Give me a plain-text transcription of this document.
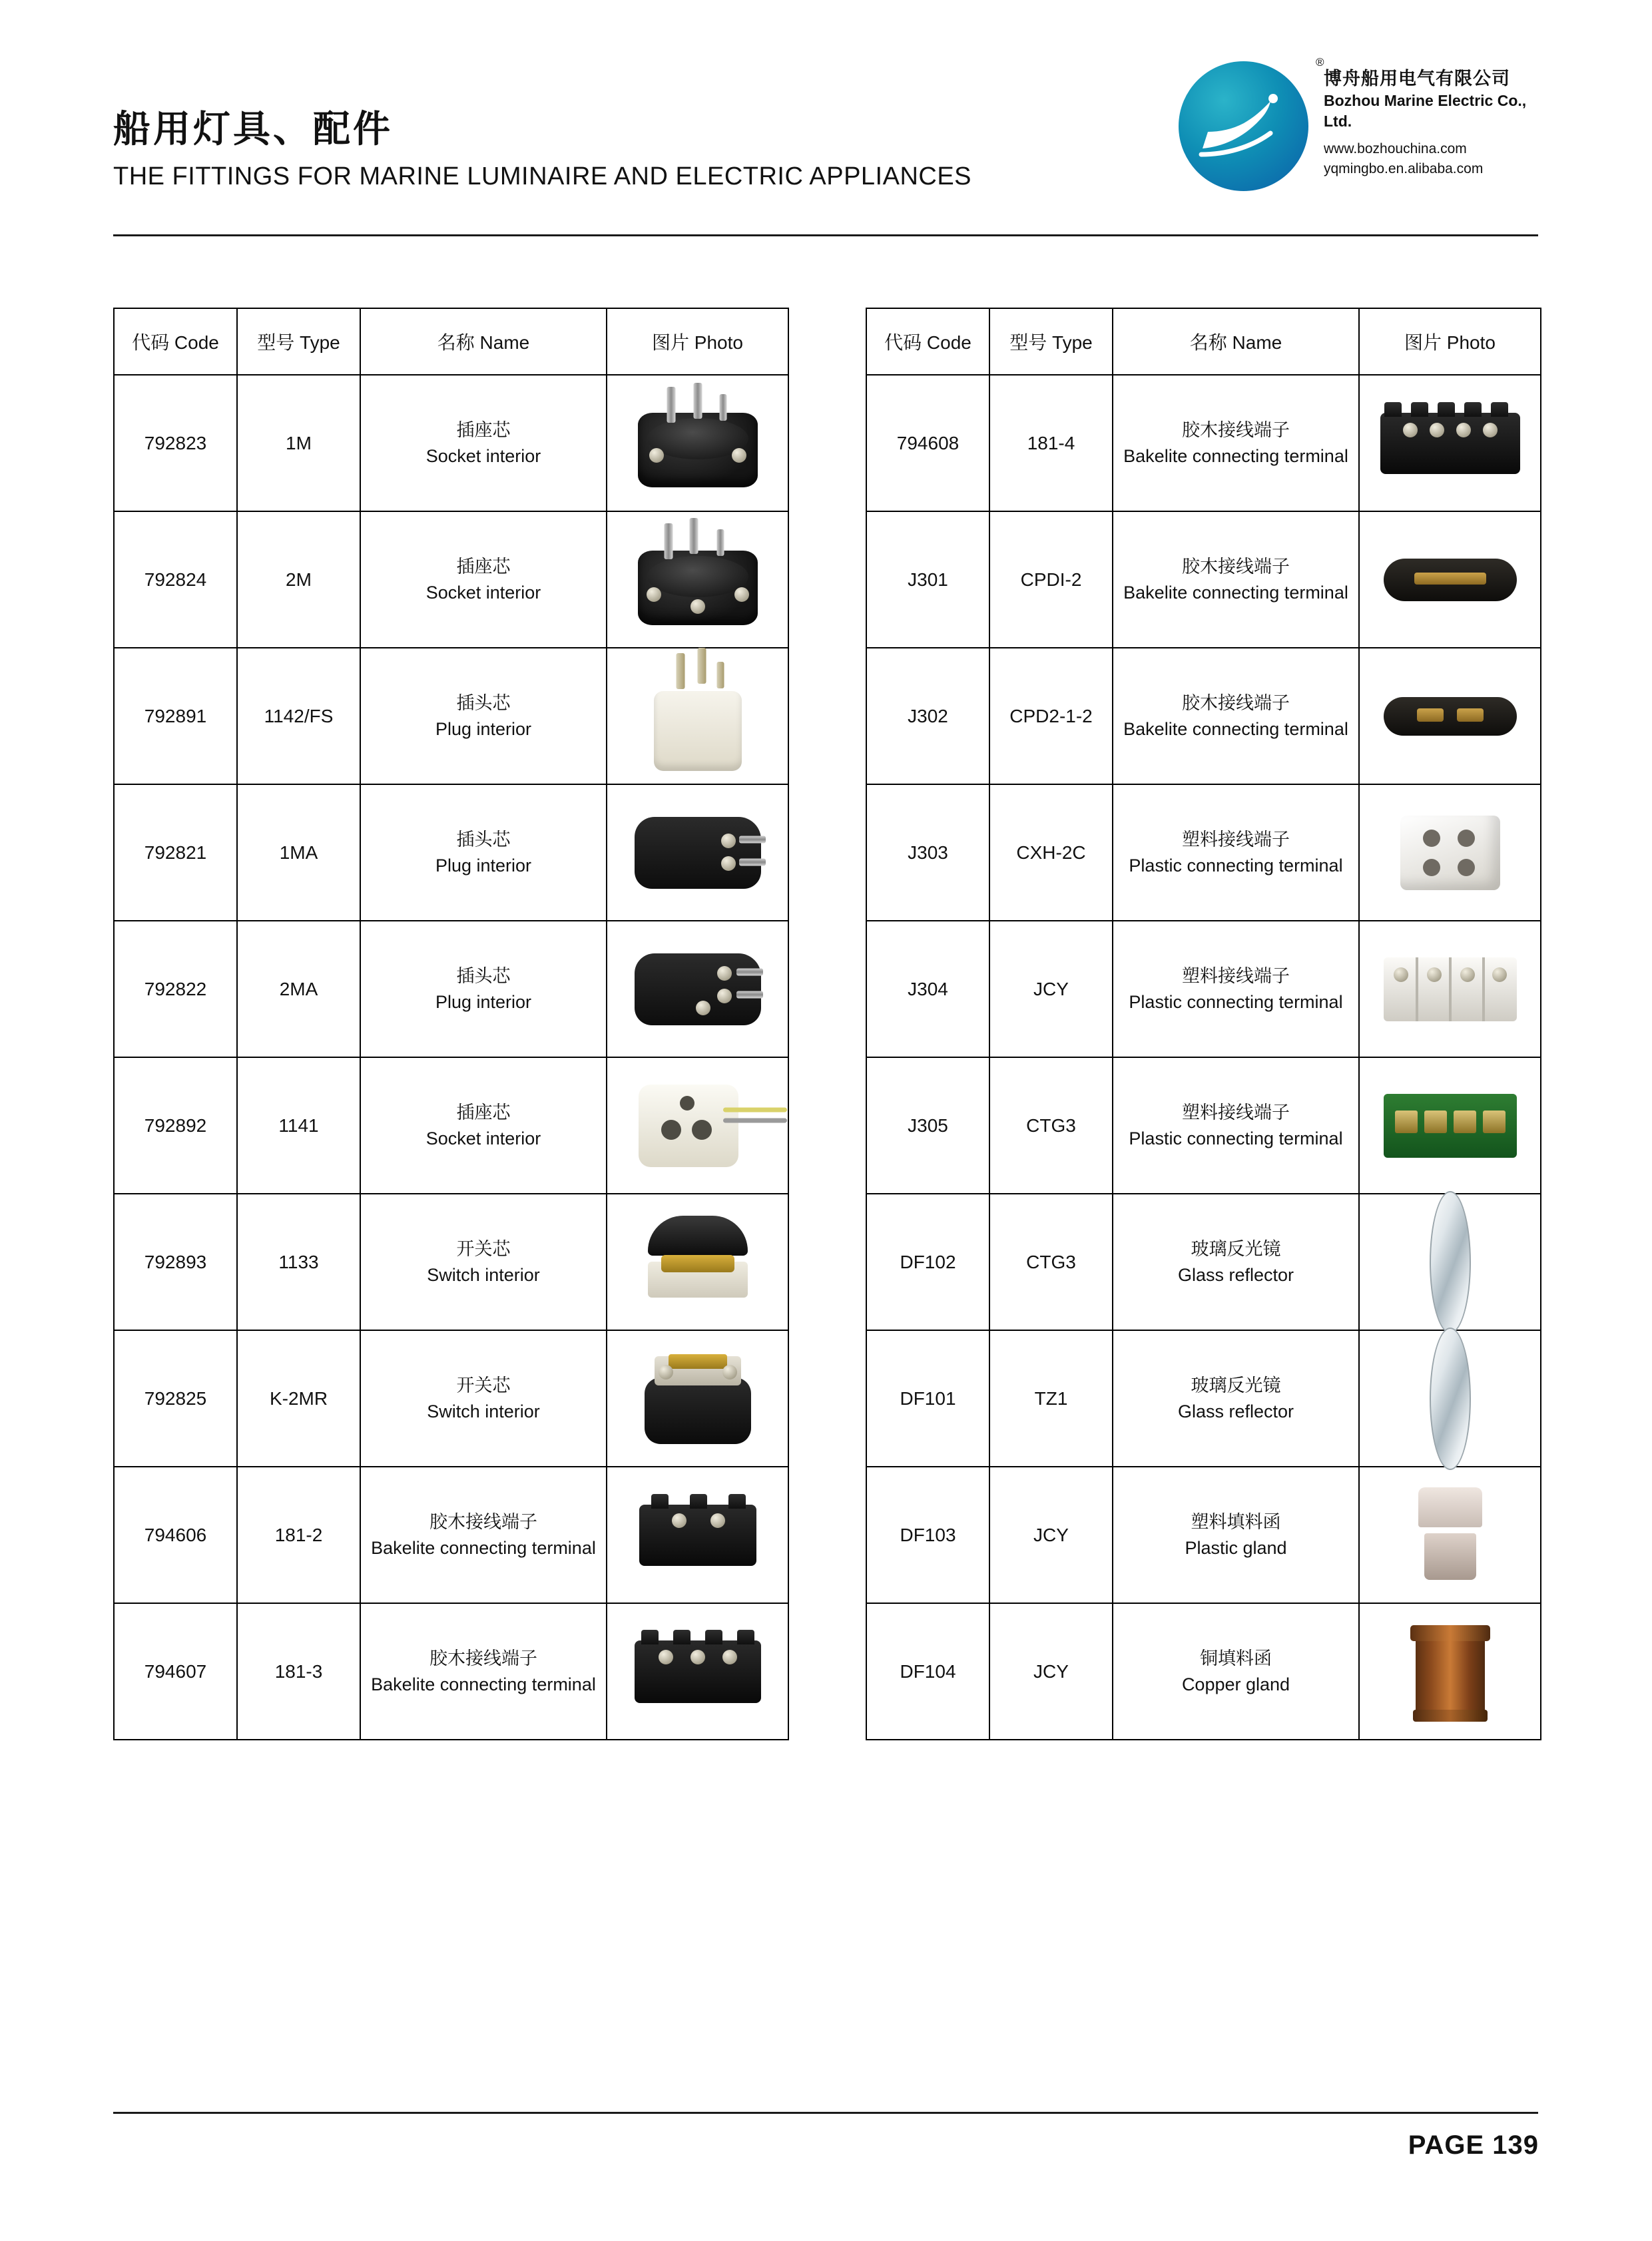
船用灯具、配件
THE FITTINGS FOR MARINE LUMINAIRE AND ELECTRIC APPLIANCES
®
博舟船用电气有限公司
Bozhou Marine Electric Co., Ltd.
www.bozhouchina.com
yqmingbo.en.alibaba.com
代码 Code	型号 Type	名称 Name	图片 Photo
792823	1M	插座芯
Socket interior	

792824	2M	插座芯
Socket interior	

792891	1142/FS	插头芯
Plug interior	

792821	1MA	插头芯
Plug interior	

792822	2MA	插头芯
Plug interior	

792892	1141	插座芯
Socket interior	

792893	1133	开关芯
Switch interior	

792825	K-2MR	开关芯
Switch interior	

794606	181-2	胶木接线端子
Bakelite connecting terminal	

794607	181-3	胶木接线端子
Bakelite connecting terminal	

代码 Code	型号 Type	名称 Name	图片 Photo
794608	181-4	胶木接线端子
Bakelite connecting terminal	

J301	CPDI-2	胶木接线端子
Bakelite connecting terminal	

J302	CPD2-1-2	胶木接线端子
Bakelite connecting terminal	

J303	CXH-2C	塑料接线端子
Plastic connecting terminal	

J304	JCY	塑料接线端子
Plastic connecting terminal	

J305	CTG3	塑料接线端子
Plastic connecting terminal	

DF102	CTG3	玻璃反光镜
Glass reflector	

DF101	TZ1	玻璃反光镜
Glass reflector	

DF103	JCY	塑料填料函
Plastic gland	

DF104	JCY	铜填料函
Copper gland	

PAGE 139
